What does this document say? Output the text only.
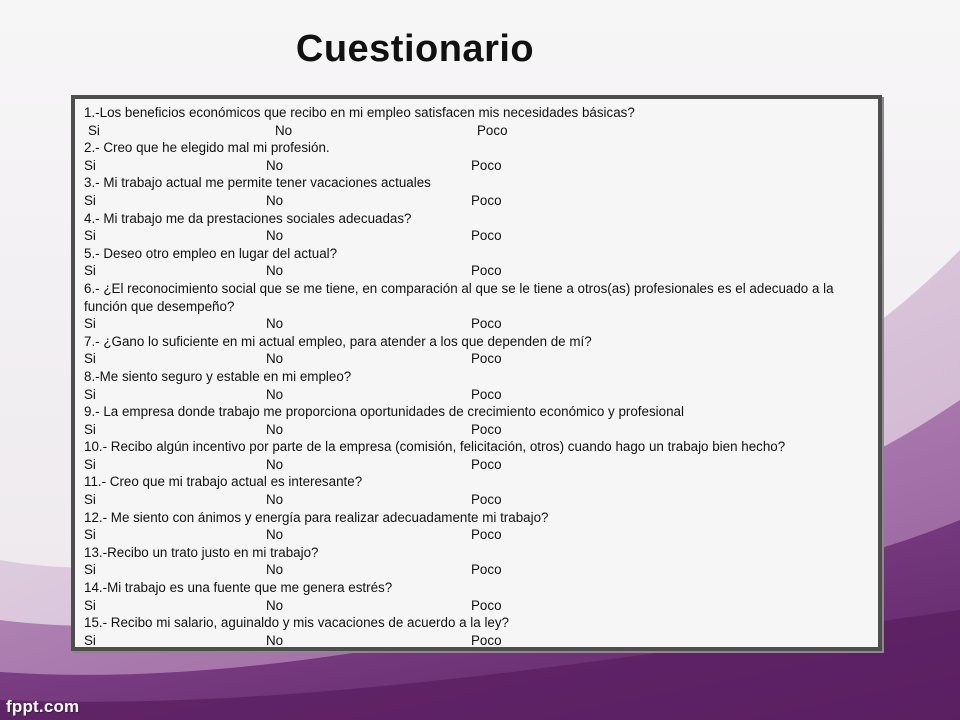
Cuestionario
1.-Los beneficios económicos que recibo en mi empleo satisfacen mis necesidades básicas?
Si	No	Poco
2.- Creo que he elegido mal mi profesión.
Si	No	Poco
3.- Mi trabajo actual me permite tener vacaciones actuales
Si	No	Poco
4.- Mi trabajo me da prestaciones sociales adecuadas?
Si	No	Poco
5.- Deseo otro empleo en lugar del actual?
Si	No	Poco
6.- ¿El reconocimiento social que se me tiene, en comparación al que se le tiene a otros(as) profesionales es el adecuado a la función que desempeño?
Si	No	Poco
7.- ¿Gano lo suficiente en mi actual empleo, para atender a los que dependen de mí?
Si	No	Poco
8.-Me siento seguro y estable en mi empleo?
Si	No	Poco
9.- La empresa donde trabajo me proporciona oportunidades de crecimiento económico y profesional
Si	No	Poco
10.- Recibo algún incentivo por parte de la empresa (comisión, felicitación, otros) cuando hago un trabajo bien hecho?
Si	No	Poco
11.- Creo que mi trabajo actual es interesante?
Si	No	Poco
12.- Me siento con ánimos y energía para realizar adecuadamente mi trabajo?
Si	No	Poco
13.-Recibo un trato justo en mi trabajo?
Si	No	Poco
14.-Mi trabajo es una fuente que me genera estrés?
Si	No	Poco
15.- Recibo mi salario, aguinaldo y mis vacaciones de acuerdo a la ley?
Si	No	Poco
fppt.com
